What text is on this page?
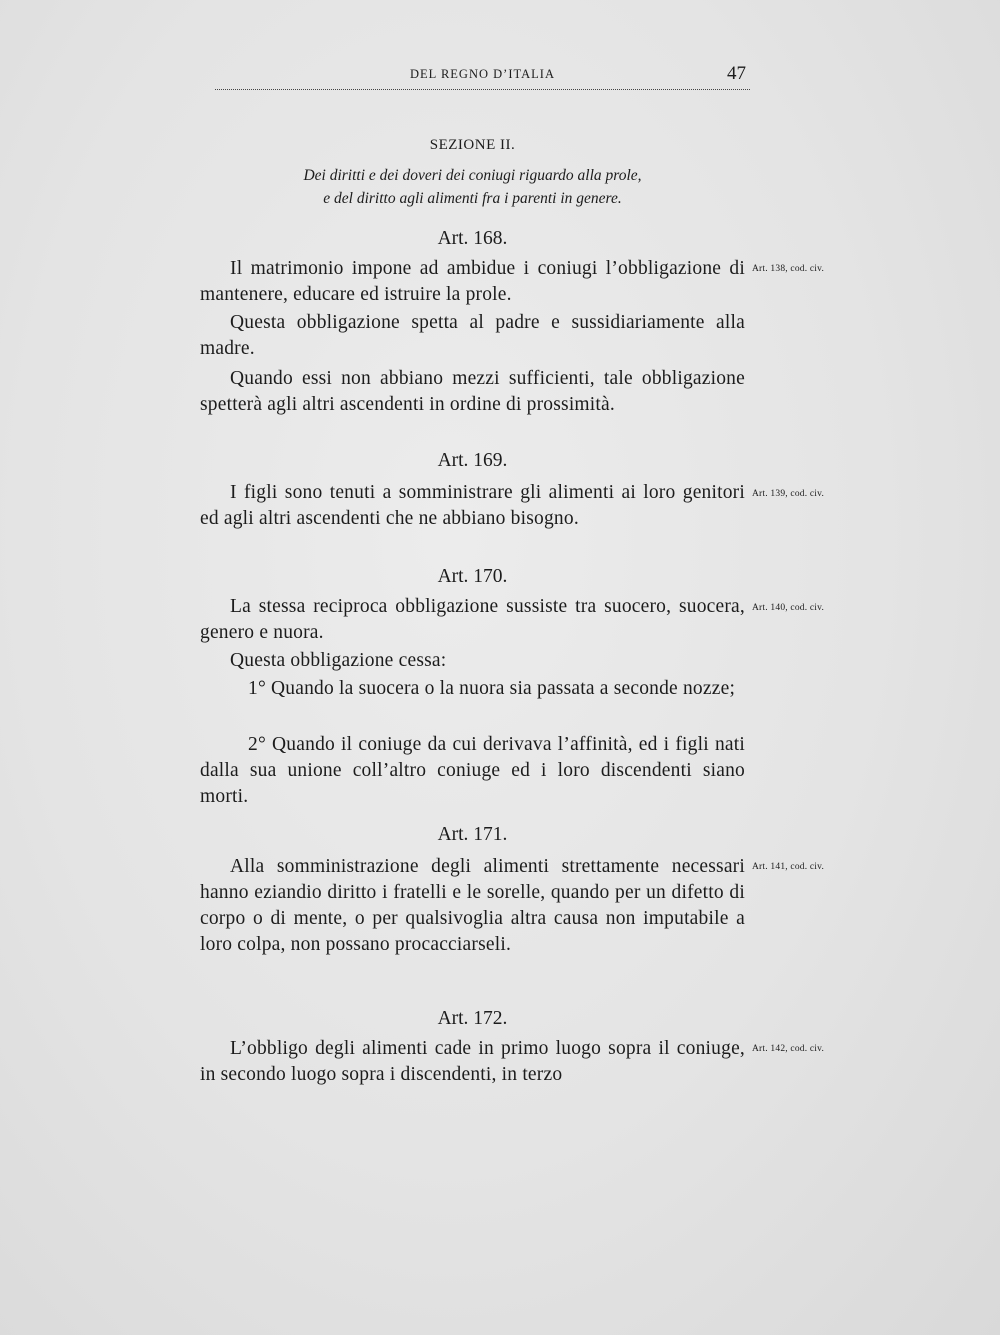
DEL REGNO D’ITALIA	47
SEZIONE II.
Dei diritti e dei doveri dei coniugi riguardo alla prole,
e del diritto agli alimenti fra i parenti in genere.
Art. 168.
Art. 138, cod. civ.

Il matrimonio impone ad ambidue i coniugi l’obbligazione di mantenere, educare ed istruire la prole.

Questa obbligazione spetta al padre e sussidiariamente alla madre.

Quando essi non abbiano mezzi sufficienti, tale obbligazione spetterà agli altri ascendenti in ordine di prossimità.

Art. 169.
Art. 139, cod. civ.

I figli sono tenuti a somministrare gli alimenti ai loro genitori ed agli altri ascendenti che ne abbiano bisogno.

Art. 170.
Art. 140, cod. civ.

La stessa reciproca obbligazione sussiste tra suocero, suocera, genero e nuora.

Questa obbligazione cessa:

1° Quando la suocera o la nuora sia passata a seconde nozze;

2° Quando il coniuge da cui derivava l’affinità, ed i figli nati dalla sua unione coll’altro coniuge ed i loro discendenti siano morti.

Art. 171.
Art. 141, cod. civ.

Alla somministrazione degli alimenti strettamente necessari hanno eziandio diritto i fratelli e le sorelle, quando per un difetto di corpo o di mente, o per qualsivoglia altra causa non imputabile a loro colpa, non possano procacciarseli.

Art. 172.
Art. 142, cod. civ.

L’obbligo degli alimenti cade in primo luogo sopra il coniuge, in secondo luogo sopra i discendenti, in terzo
